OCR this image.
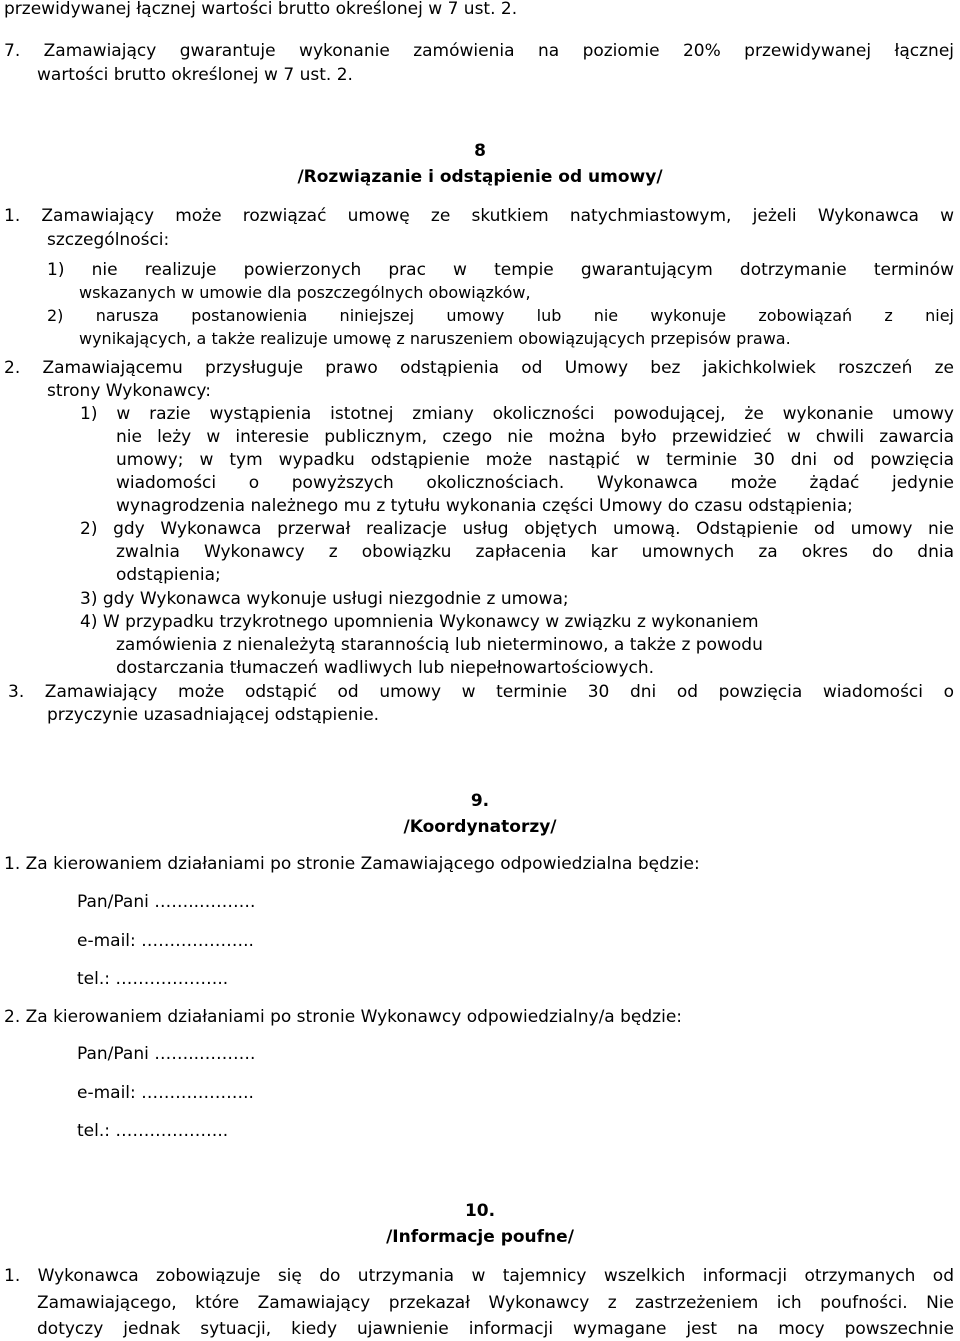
przewidywanej łącznej wartości brutto określonej w 7 ust. 2.
7. Zamawiający gwarantuje wykonanie zamówienia na poziomie 20% przewidywanej łącznej
wartości brutto określonej w 7 ust. 2.
8
/Rozwiązanie i odstąpienie od umowy/
1. Zamawiający może rozwiązać umowę ze skutkiem natychmiastowym, jeżeli Wykonawca w
szczególności:
1) nie realizuje powierzonych prac w tempie gwarantującym dotrzymanie terminów
wskazanych w umowie dla poszczególnych obowiązków,
2) narusza postanowienia niniejszej umowy lub nie wykonuje zobowiązań z niej
wynikających, a także realizuje umowę z naruszeniem obowiązujących przepisów prawa.
2. Zamawiającemu przysługuje prawo odstąpienia od Umowy bez jakichkolwiek roszczeń ze
strony Wykonawcy:
1) w razie wystąpienia istotnej zmiany okoliczności powodującej, że wykonanie umowy
nie leży w interesie publicznym, czego nie można było przewidzieć w chwili zawarcia
umowy; w tym wypadku odstąpienie może nastąpić w terminie 30 dni od powzięcia
wiadomości o powyższych okolicznościach. Wykonawca może żądać jedynie
wynagrodzenia należnego mu z tytułu wykonania części Umowy do czasu odstąpienia;
2) gdy Wykonawca przerwał realizacje usług objętych umową. Odstąpienie od umowy nie
zwalnia Wykonawcy z obowiązku zapłacenia kar umownych za okres do dnia
odstąpienia;
3) gdy Wykonawca wykonuje usługi niezgodnie z umowa;
4) W przypadku trzykrotnego upomnienia Wykonawcy w związku z wykonaniem
zamówienia z nienależytą starannością lub nieterminowo, a także z powodu
dostarczania tłumaczeń wadliwych lub niepełnowartościowych.
3. Zamawiający może odstąpić od umowy w terminie 30 dni od powzięcia wiadomości o
przyczynie uzasadniającej odstąpienie.
9.
/Koordynatorzy/
1. Za kierowaniem działaniami po stronie Zamawiającego odpowiedzialna będzie:
Pan/Pani ……..……….
e-mail: ………………..
tel.: ………………..
2. Za kierowaniem działaniami po stronie Wykonawcy odpowiedzialny/a będzie:
Pan/Pani ……..……….
e-mail: ………………..
tel.: ………………..
10.
/Informacje poufne/
1. Wykonawca zobowiązuje się do utrzymania w tajemnicy wszelkich informacji otrzymanych od
Zamawiającego, które Zamawiający przekazał Wykonawcy z zastrzeżeniem ich poufności. Nie
dotyczy jednak sytuacji, kiedy ujawnienie informacji wymagane jest na mocy powszechnie
